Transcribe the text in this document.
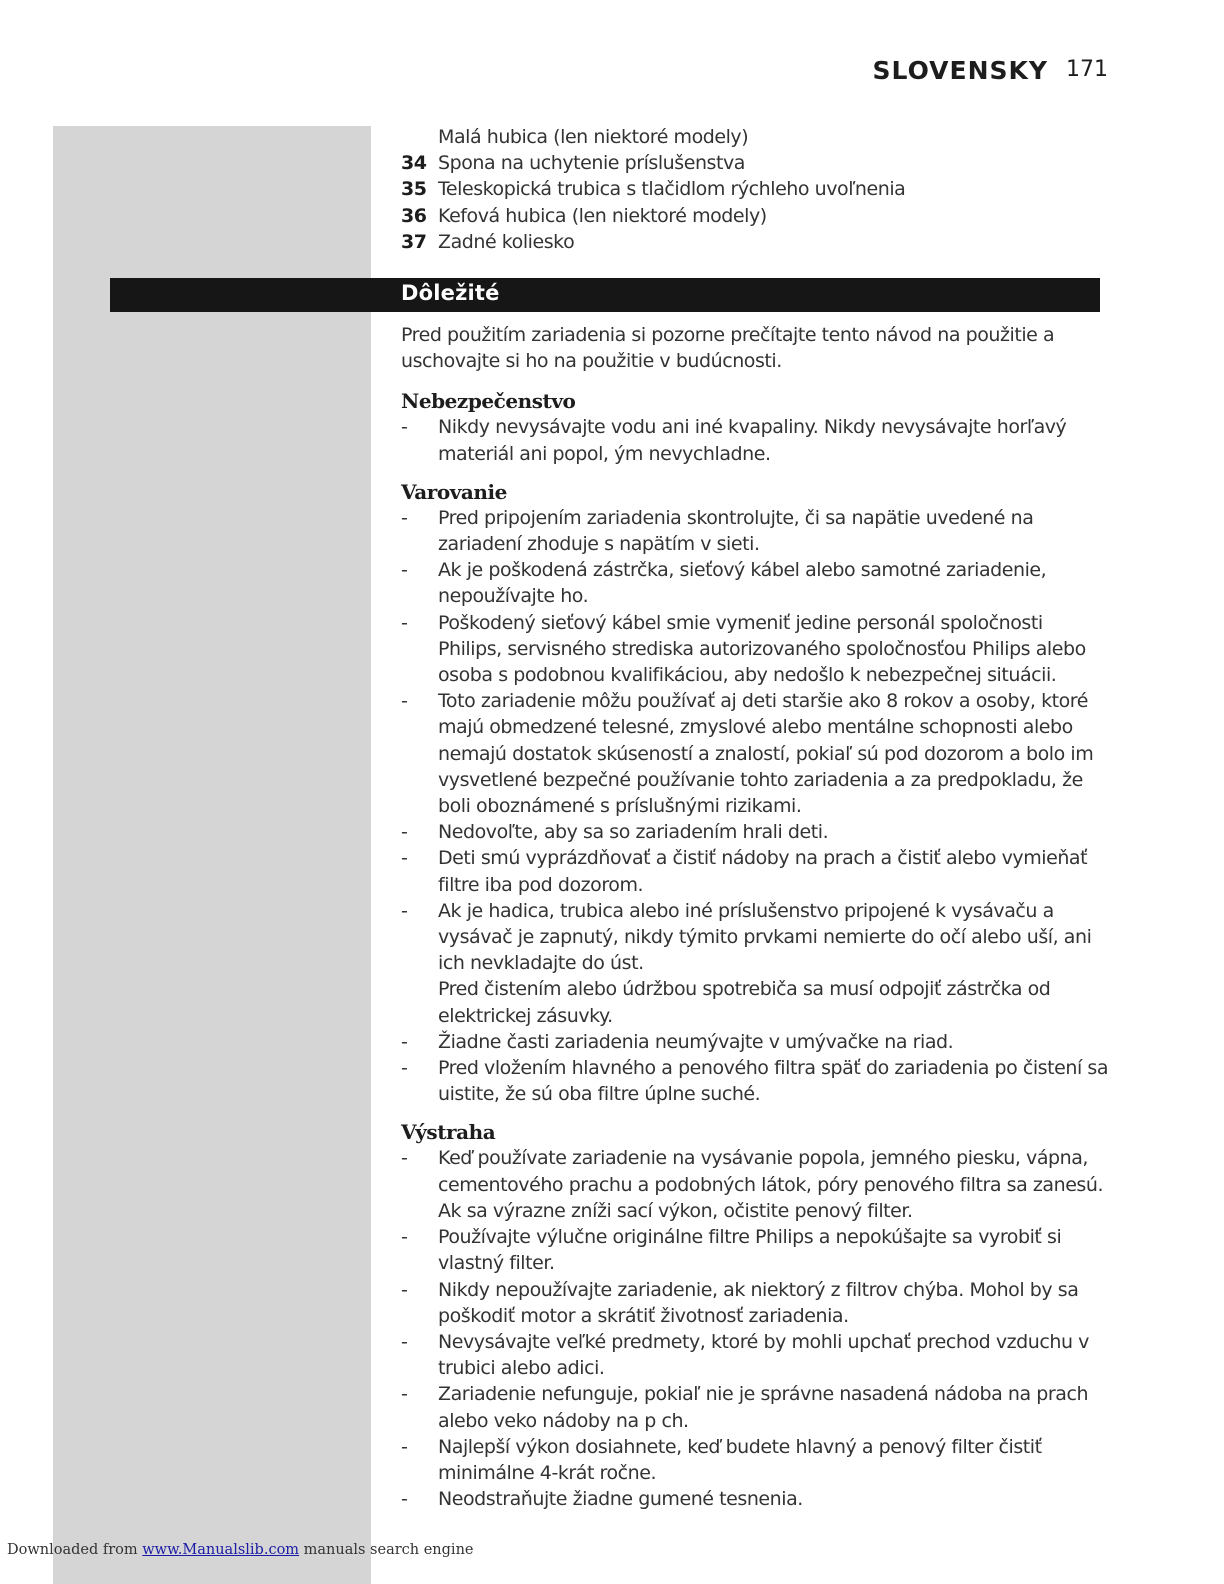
SLOVENSKY 171
Malá hubica (len niektoré modely)
34 Spona na uchytenie príslušenstva
35 Teleskopická trubica s tlačidlom rýchleho uvoľnenia
36 Kefová hubica (len niektoré modely)
37 Zadné koliesko
Dôležité

Pred použitím zariadenia si pozorne prečítajte tento návod na použitie a uschovajte si ho na použitie v budúcnosti.

Nebezpečenstvo
- Nikdy nevysávajte vodu ani iné kvapaliny. Nikdy nevysávajte horľavý materiál ani popol, ým nevychladne.
Varovanie
- Pred pripojením zariadenia skontrolujte, či sa napätie uvedené na zariadení zhoduje s napätím v sieti.
- Ak je poškodená zástrčka, sieťový kábel alebo samotné zariadenie, nepoužívajte ho.
- Poškodený sieťový kábel smie vymeniť jedine personál spoločnosti Philips, servisného strediska autorizovaného spoločnosťou Philips alebo osoba s podobnou kvalifikáciou, aby nedošlo k nebezpečnej situácii.
- Toto zariadenie môžu používať aj deti staršie ako 8 rokov a osoby, ktoré majú obmedzené telesné, zmyslové alebo mentálne schopnosti alebo nemajú dostatok skúseností a znalostí, pokiaľ sú pod dozorom a bolo im vysvetlené bezpečné používanie tohto zariadenia a za predpokladu, že boli oboznámené s príslušnými rizikami.
- Nedovoľte, aby sa so zariadením hrali deti.
- Deti smú vyprázdňovať a čistiť nádoby na prach a čistiť alebo vymieňať filtre iba pod dozorom.
- Ak je hadica, trubica alebo iné príslušenstvo pripojené k vysávaču a vysávač je zapnutý, nikdy týmito prvkami nemierte do očí alebo uší, ani ich nevkladajte do úst.
Pred čistením alebo údržbou spotrebiča sa musí odpojiť zástrčka od elektrickej zásuvky.
- Žiadne časti zariadenia neumývajte v umývačke na riad.
- Pred vložením hlavného a penového filtra späť do zariadenia po čistení sa uistite, že sú oba filtre úplne suché.
Výstraha
- Keď používate zariadenie na vysávanie popola, jemného piesku, vápna, cementového prachu a podobných látok, póry penového filtra sa zanesú. Ak sa výrazne zníži sací výkon, očistite penový filter.
- Používajte výlučne originálne filtre Philips a nepokúšajte sa vyrobiť si vlastný filter.
- Nikdy nepoužívajte zariadenie, ak niektorý z filtrov chýba. Mohol by sa poškodiť motor a skrátiť životnosť zariadenia.
- Nevysávajte veľké predmety, ktoré by mohli upchať prechod vzduchu v trubici alebo adici.
- Zariadenie nefunguje, pokiaľ nie je správne nasadená nádoba na prach alebo veko nádoby na p ch.
- Najlepší výkon dosiahnete, keď budete hlavný a penový filter čistiť minimálne 4-krát ročne.
- Neodstraňujte žiadne gumené tesnenia.
Downloaded from www.Manualslib.com manuals search engine
